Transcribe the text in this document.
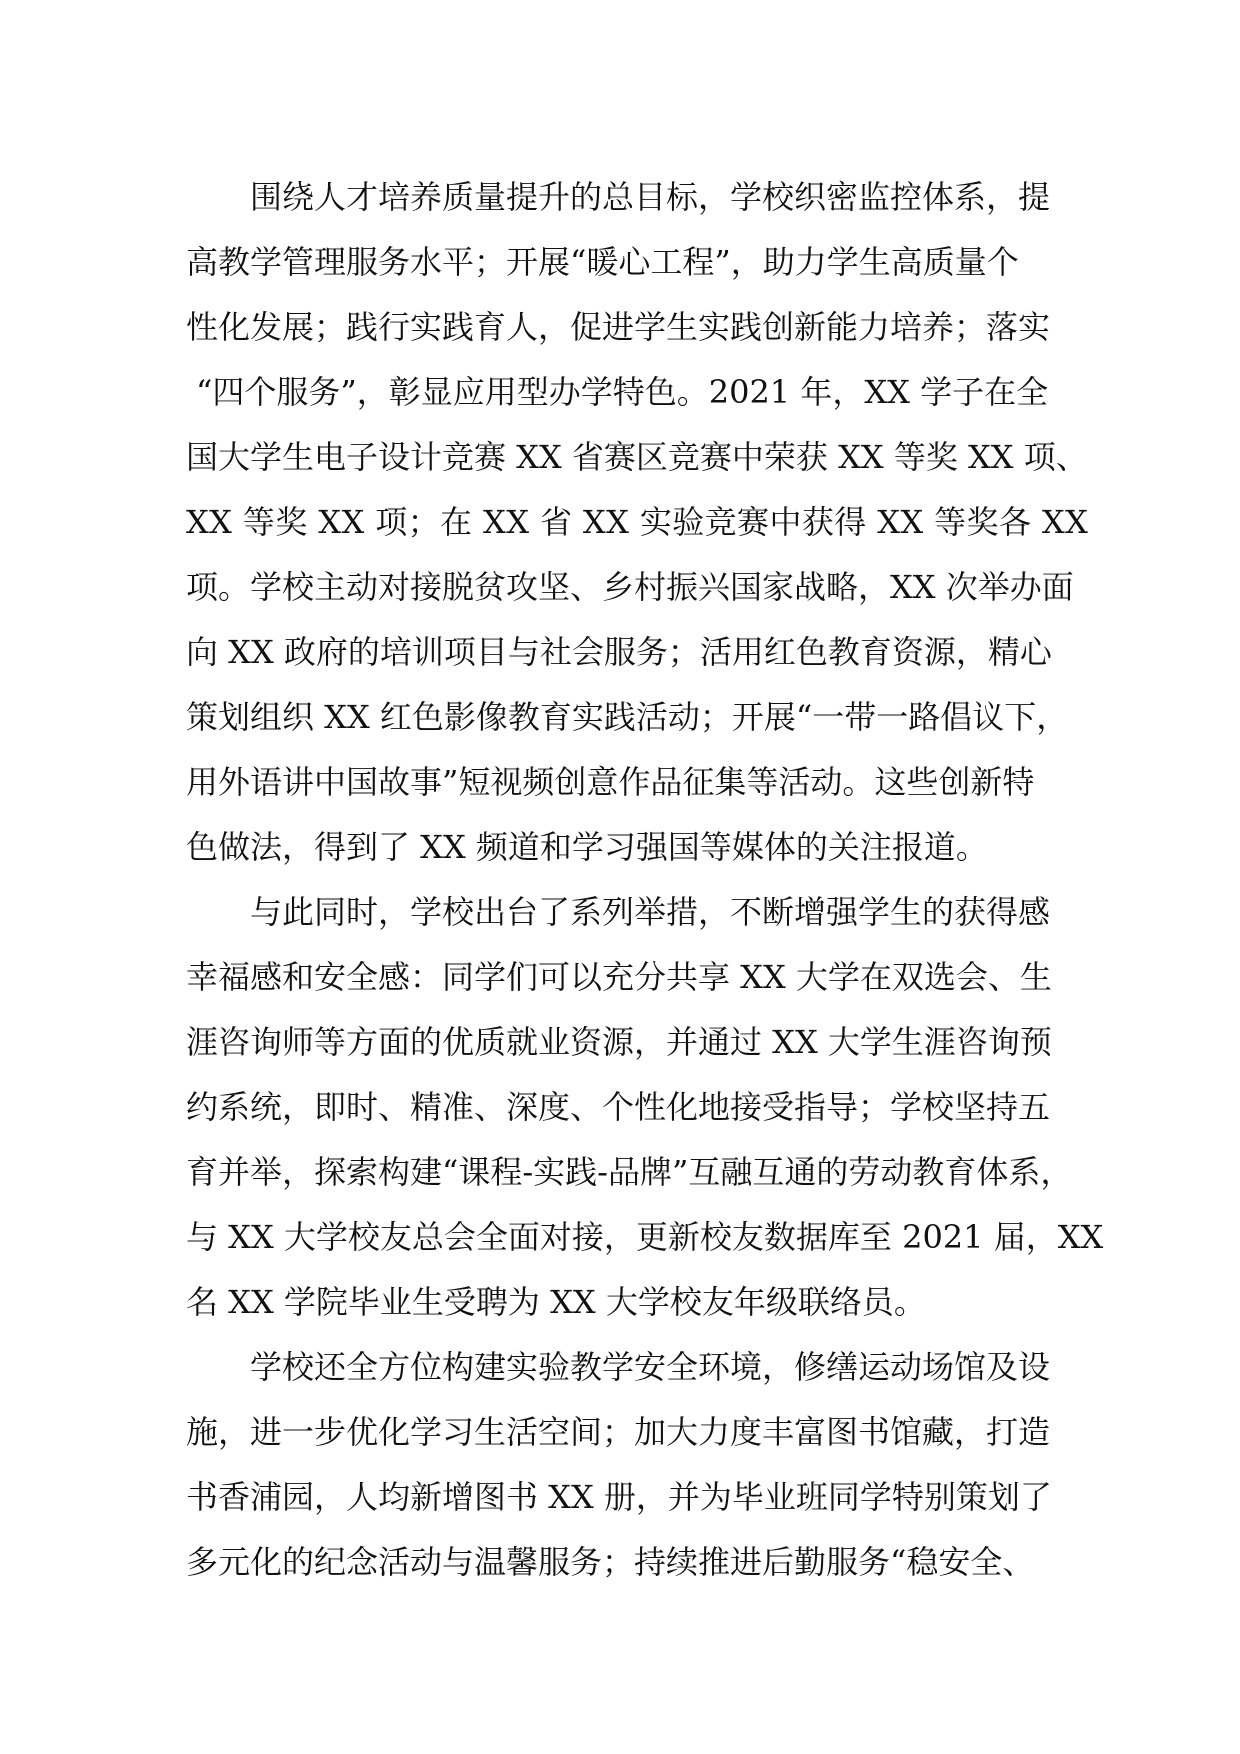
围绕人才培养质量提升的总目标，学校织密监控体系，提
高教学管理服务水平；开展“暖心工程”，助力学生高质量个
性化发展；践行实践育人，促进学生实践创新能力培养；落实
“四个服务”，彰显应用型办学特色。2021 年，XX 学子在全
国大学生电子设计竞赛 XX 省赛区竞赛中荣获 XX 等奖 XX 项、
XX 等奖 XX 项；在 XX 省 XX 实验竞赛中获得 XX 等奖各 XX
项。学校主动对接脱贫攻坚、乡村振兴国家战略，XX 次举办面
向 XX 政府的培训项目与社会服务；活用红色教育资源，精心
策划组织 XX 红色影像教育实践活动；开展“一带一路倡议下，
用外语讲中国故事”短视频创意作品征集等活动。这些创新特
色做法，得到了 XX 频道和学习强国等媒体的关注报道。
与此同时，学校出台了系列举措，不断增强学生的获得感
幸福感和安全感：同学们可以充分共享 XX 大学在双选会、生
涯咨询师等方面的优质就业资源，并通过 XX 大学生涯咨询预
约系统，即时、精准、深度、个性化地接受指导；学校坚持五
育并举，探索构建“课程-实践-品牌”互融互通的劳动教育体系，
与 XX 大学校友总会全面对接，更新校友数据库至 2021 届，XX
名 XX 学院毕业生受聘为 XX 大学校友年级联络员。
学校还全方位构建实验教学安全环境，修缮运动场馆及设
施，进一步优化学习生活空间；加大力度丰富图书馆藏，打造
书香浦园，人均新增图书 XX 册，并为毕业班同学特别策划了
多元化的纪念活动与温馨服务；持续推进后勤服务“稳安全、
